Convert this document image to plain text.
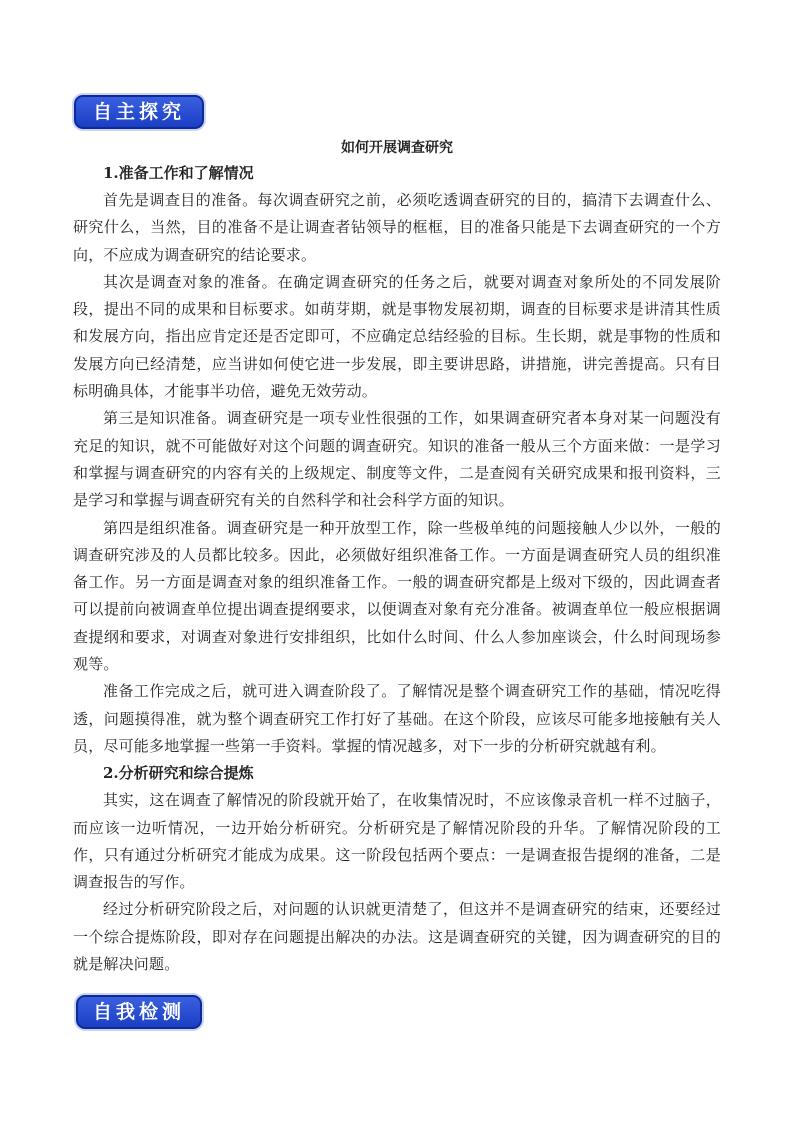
自主探究

如何开展调查研究

1.准备工作和了解情况

首先是调查目的准备。每次调查研究之前，必须吃透调查研究的目的，搞清下去调查什么、研究什么，当然，目的准备不是让调查者钻领导的框框，目的准备只能是下去调查研究的一个方向，不应成为调查研究的结论要求。

其次是调查对象的准备。在确定调查研究的任务之后，就要对调查对象所处的不同发展阶段，提出不同的成果和目标要求。如萌芽期，就是事物发展初期，调查的目标要求是讲清其性质和发展方向，指出应肯定还是否定即可，不应确定总结经验的目标。生长期，就是事物的性质和发展方向已经清楚，应当讲如何使它进一步发展，即主要讲思路，讲措施，讲完善提高。只有目标明确具体，才能事半功倍，避免无效劳动。

第三是知识准备。调查研究是一项专业性很强的工作，如果调查研究者本身对某一问题没有充足的知识，就不可能做好对这个问题的调查研究。知识的准备一般从三个方面来做：一是学习和掌握与调查研究的内容有关的上级规定、制度等文件，二是查阅有关研究成果和报刊资料，三是学习和掌握与调查研究有关的自然科学和社会科学方面的知识。

第四是组织准备。调查研究是一种开放型工作，除一些极单纯的问题接触人少以外，一般的调查研究涉及的人员都比较多。因此，必须做好组织准备工作。一方面是调查研究人员的组织准备工作。另一方面是调查对象的组织准备工作。一般的调查研究都是上级对下级的，因此调查者可以提前向被调查单位提出调查提纲要求，以便调查对象有充分准备。被调查单位一般应根据调查提纲和要求，对调查对象进行安排组织，比如什么时间、什么人参加座谈会，什么时间现场参观等。

准备工作完成之后，就可进入调查阶段了。了解情况是整个调查研究工作的基础，情况吃得透，问题摸得准，就为整个调查研究工作打好了基础。在这个阶段，应该尽可能多地接触有关人员，尽可能多地掌握一些第一手资料。掌握的情况越多，对下一步的分析研究就越有利。

2.分析研究和综合提炼

其实，这在调查了解情况的阶段就开始了，在收集情况时，不应该像录音机一样不过脑子，而应该一边听情况，一边开始分析研究。分析研究是了解情况阶段的升华。了解情况阶段的工作，只有通过分析研究才能成为成果。这一阶段包括两个要点：一是调查报告提纲的准备，二是调查报告的写作。

经过分析研究阶段之后，对问题的认识就更清楚了，但这并不是调查研究的结束，还要经过一个综合提炼阶段，即对存在问题提出解决的办法。这是调查研究的关键，因为调查研究的目的就是解决问题。

自我检测
